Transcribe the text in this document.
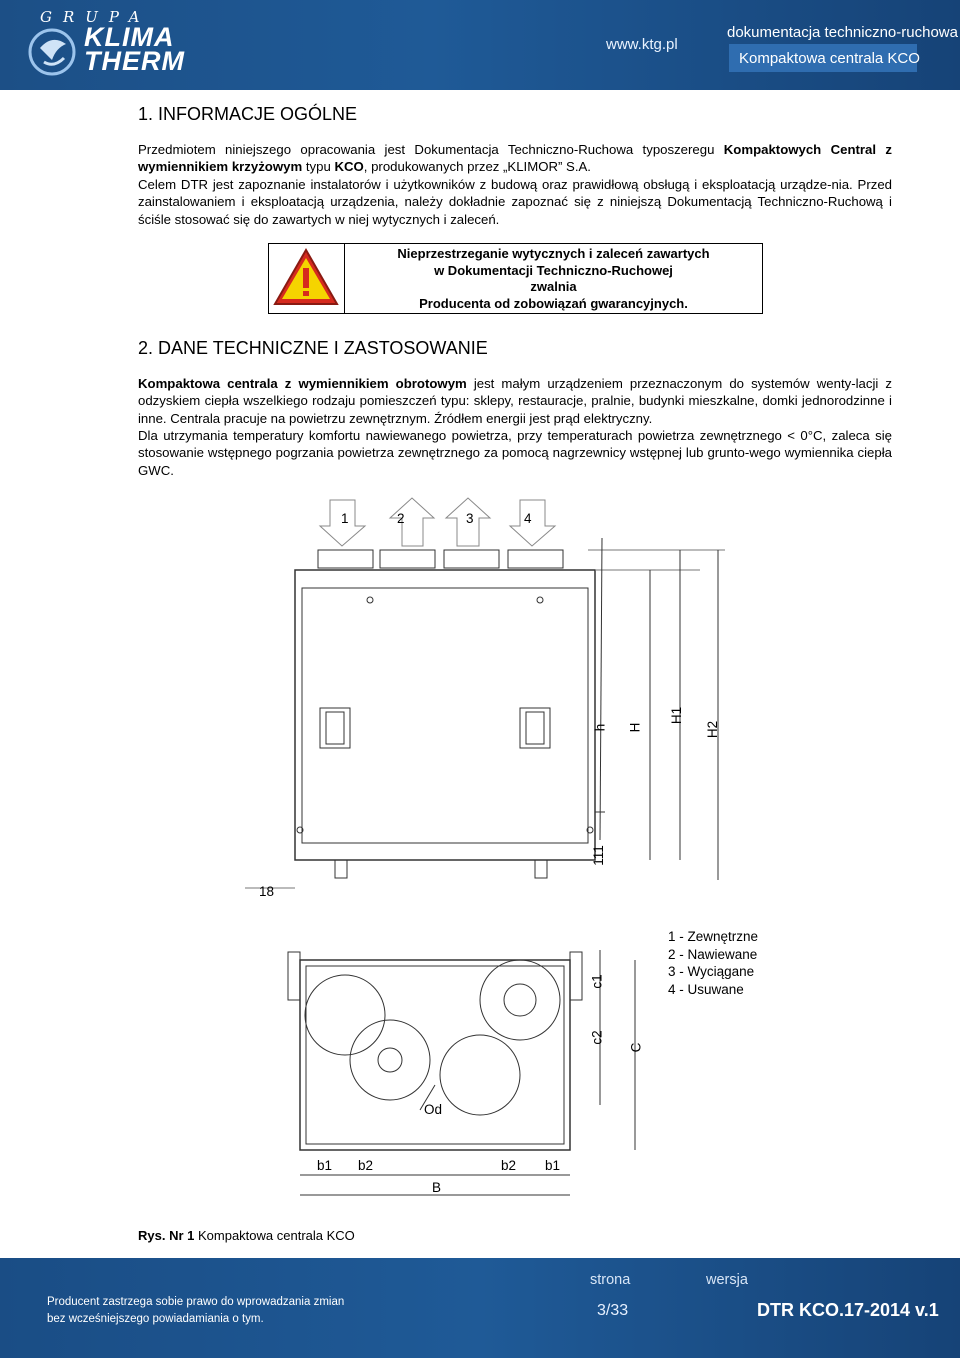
GRUPA
KLIMA
THERM
www.ktg.pl
dokumentacja techniczno-ruchowa
Kompaktowa centrala KCO
1. INFORMACJE OGÓLNE

Przedmiotem niniejszego opracowania jest Dokumentacja Techniczno-Ruchowa typoszeregu Kompaktowych Central z wymiennikiem krzyżowym typu KCO, produkowanych przez „KLIMOR” S.A.

Celem DTR jest zapoznanie instalatorów i użytkowników z budową oraz prawidłową obsługą i eksploatacją urządze-nia. Przed zainstalowaniem i eksploatacją urządzenia, należy dokładnie zapoznać się z niniejszą Dokumentacją Techniczno-Ruchową i ściśle stosować się do zawartych w niej wytycznych i zaleceń.

Nieprzestrzeganie wytycznych i zaleceń zawartych
w Dokumentacji Techniczno-Ruchowej
zwalnia
Producenta od zobowiązań gwarancyjnych.
2. DANE TECHNICZNE I ZASTOSOWANIE

Kompaktowa centrala z wymiennikiem obrotowym jest małym urządzeniem przeznaczonym do systemów wenty-lacji z odzyskiem ciepła wszelkiego rodzaju pomieszczeń typu: sklepy, restauracje, pralnie, budynki mieszkalne, domki jednorodzinne i inne. Centrala pracuje na powietrzu zewnętrznym. Źródłem energii jest prąd elektryczny.

Dla utrzymania temperatury komfortu nawiewanego powietrza, przy temperaturach powietrza zewnętrznego < 0°C, zaleca się stosowanie wstępnego pogrzania powietrza zewnętrznego za pomocą nagrzewnicy wstępnej lub grunto-wego wymiennika ciepła GWC.

1	2	3	4
h H
H1
H2
111
18
c1
c2
C
Od
b1 b2	b2 b1
B
1 - Zewnętrzne
2 - Nawiewane
3 - Wyciągane
4 - Usuwane
Rys. Nr 1 Kompaktowa centrala KCO
Producent zastrzega sobie prawo do wprowadzania zmian
bez wcześniejszego powiadamiania o tym.
strona
3/33
wersja
DTR KCO.17-2014 v.1
